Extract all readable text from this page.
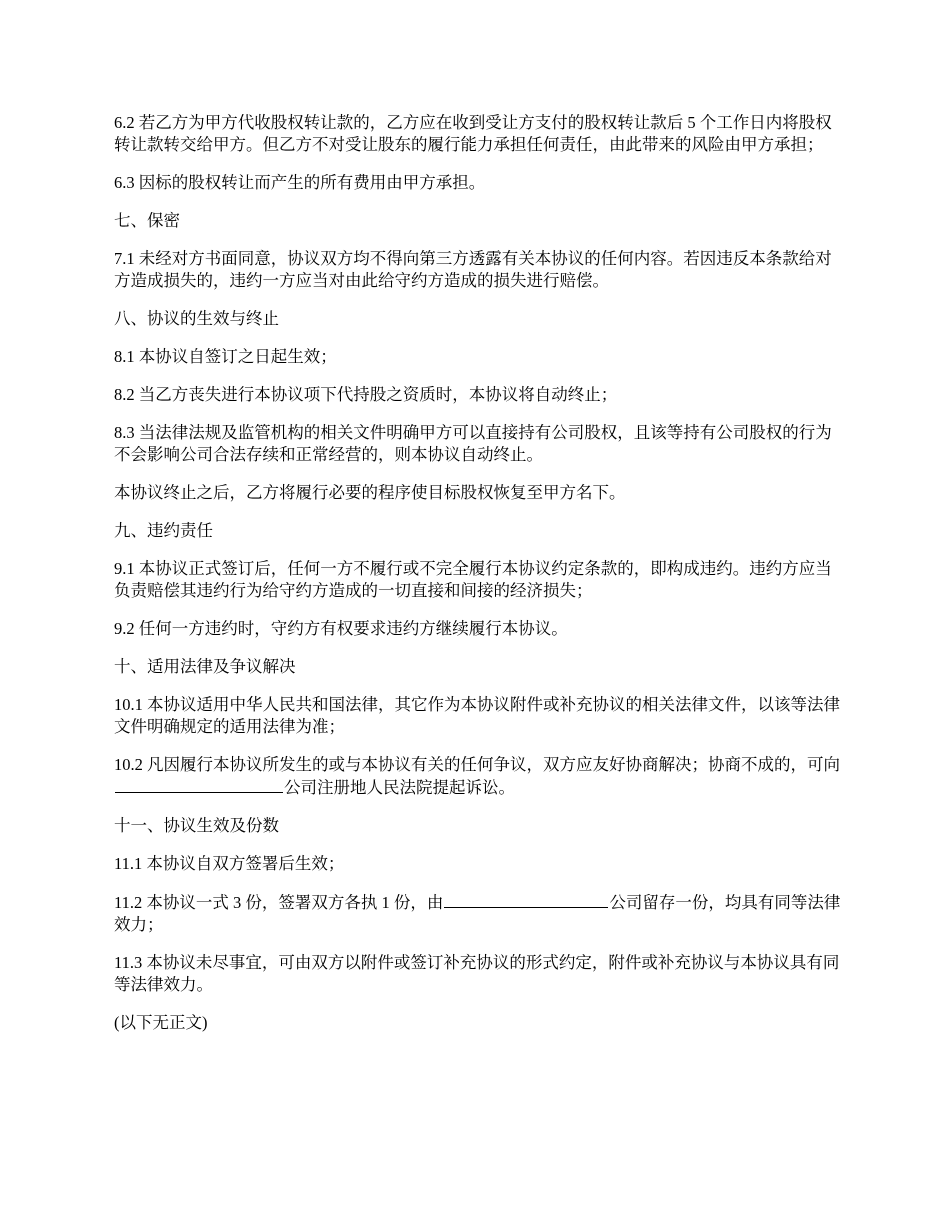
6.2 若乙方为甲方代收股权转让款的，乙方应在收到受让方支付的股权转让款后 5 个工作日内将股权转让款转交给甲方。但乙方不对受让股东的履行能力承担任何责任，由此带来的风险由甲方承担；

6.3 因标的股权转让而产生的所有费用由甲方承担。

七、保密

7.1 未经对方书面同意，协议双方均不得向第三方透露有关本协议的任何内容。若因违反本条款给对方造成损失的，违约一方应当对由此给守约方造成的损失进行赔偿。

八、协议的生效与终止

8.1 本协议自签订之日起生效；

8.2 当乙方丧失进行本协议项下代持股之资质时，本协议将自动终止；

8.3 当法律法规及监管机构的相关文件明确甲方可以直接持有公司股权，且该等持有公司股权的行为不会影响公司合法存续和正常经营的，则本协议自动终止。

本协议终止之后，乙方将履行必要的程序使目标股权恢复至甲方名下。

九、违约责任

9.1 本协议正式签订后，任何一方不履行或不完全履行本协议约定条款的，即构成违约。违约方应当负责赔偿其违约行为给守约方造成的一切直接和间接的经济损失；

9.2 任何一方违约时，守约方有权要求违约方继续履行本协议。

十、适用法律及争议解决

10.1 本协议适用中华人民共和国法律，其它作为本协议附件或补充协议的相关法律文件，以该等法律文件明确规定的适用法律为准；

10.2 凡因履行本协议所发生的或与本协议有关的任何争议，双方应友好协商解决；协商不成的，可向公司注册地人民法院提起诉讼。

十一、协议生效及份数

11.1 本协议自双方签署后生效；

11.2 本协议一式 3 份，签署双方各执 1 份，由	公司留存一份，均具有同等法律效力；

11.3 本协议未尽事宜，可由双方以附件或签订补充协议的形式约定，附件或补充协议与本协议具有同等法律效力。

(以下无正文)
